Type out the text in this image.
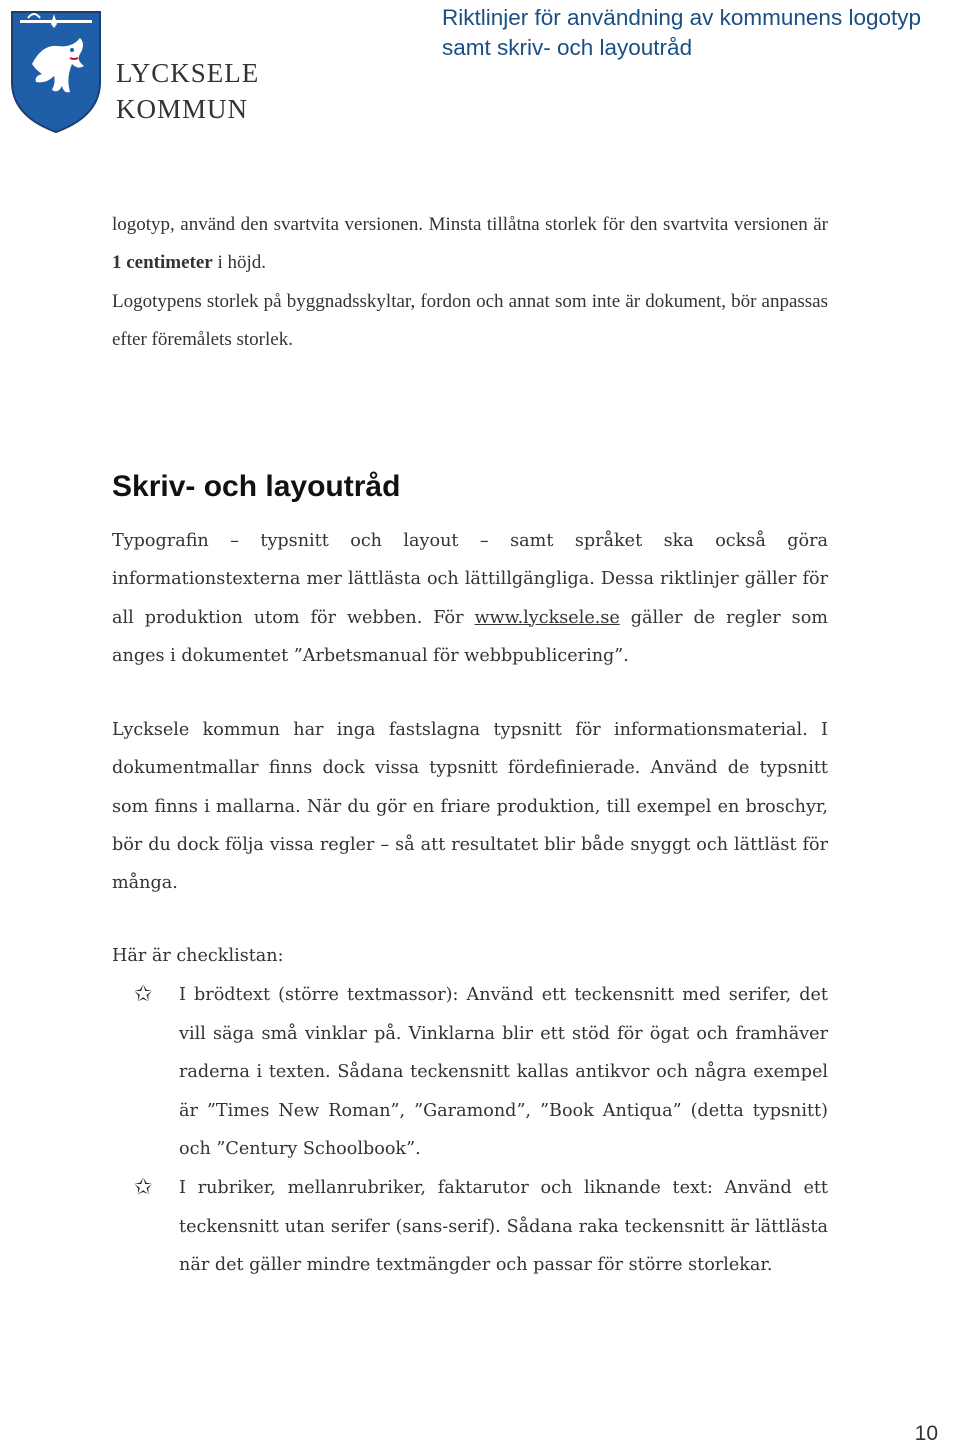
LYCKSELE
KOMMUN
Riktlinjer för användning av kommunens logotyp samt skriv- och layoutråd
logotyp, använd den svartvita versionen. Minsta tillåtna storlek för den svartvita versionen är 1 centimeter i höjd.
Logotypens storlek på byggnadsskyltar, fordon och annat som inte är dokument, bör anpassas efter föremålets storlek.
Skriv- och layoutråd
Typografin – typsnitt och layout – samt språket ska också göra informationstexterna mer lättlästa och lättillgängliga. Dessa riktlinjer gäller för all produktion utom för webben. För www.lycksele.se gäller de regler som anges i dokumentet ”Arbetsmanual för webbpublicering”.
Lycksele kommun har inga fastslagna typsnitt för informationsmaterial. I dokumentmallar finns dock vissa typsnitt fördefinierade. Använd de typsnitt som finns i mallarna. När du gör en friare produktion, till exempel en broschyr, bör du dock följa vissa regler – så att resultatet blir både snyggt och lättläst för många.
Här är checklistan:
✩ I brödtext (större textmassor): Använd ett teckensnitt med serifer, det vill säga små vinklar på. Vinklarna blir ett stöd för ögat och framhäver raderna i texten. Sådana teckensnitt kallas antikvor och några exempel är ”Times New Roman”, ”Garamond”, ”Book Antiqua” (detta typsnitt) och ”Century Schoolbook”.
✩ I rubriker, mellanrubriker, faktarutor och liknande text: Använd ett teckensnitt utan serifer (sans-serif). Sådana raka teckensnitt är lättlästa när det gäller mindre textmängder och passar för större storlekar.
10
